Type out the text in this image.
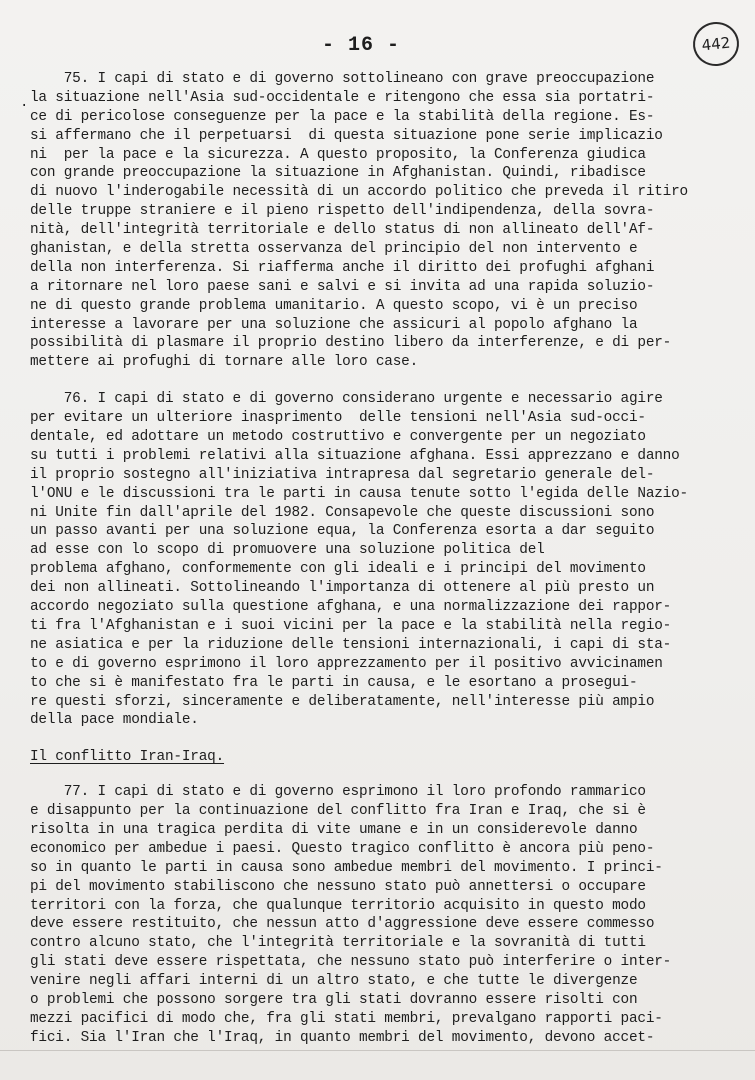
- 16 -	442
·
75. I capi di stato e di governo sottolineano con grave preoccupazione
la situazione nell'Asia sud-occidentale e ritengono che essa sia portatri-
ce di pericolose conseguenze per la pace e la stabilità della regione. Es-
si affermano che il perpetuarsi  di questa situazione pone serie implicazio
ni  per la pace e la sicurezza. A questo proposito, la Conferenza giudica
con grande preoccupazione la situazione in Afghanistan. Quindi, ribadisce
di nuovo l'inderogabile necessità di un accordo politico che preveda il ritiro
delle truppe straniere e il pieno rispetto dell'indipendenza, della sovra-
nità, dell'integrità territoriale e dello status di non allineato dell'Af-
ghanistan, e della stretta osservanza del principio del non intervento e
della non interferenza. Si riafferma anche il diritto dei profughi afghani
a ritornare nel loro paese sani e salvi e si invita ad una rapida soluzio-
ne di questo grande problema umanitario. A questo scopo, vi è un preciso
interesse a lavorare per una soluzione che assicuri al popolo afghano la
possibilità di plasmare il proprio destino libero da interferenze, e di per-
mettere ai profughi di tornare alle loro case.
76. I capi di stato e di governo considerano urgente e necessario agire
per evitare un ulteriore inasprimento  delle tensioni nell'Asia sud-occi-
dentale, ed adottare un metodo costruttivo e convergente per un negoziato
su tutti i problemi relativi alla situazione afghana. Essi apprezzano e danno
il proprio sostegno all'iniziativa intrapresa dal segretario generale del-
l'ONU e le discussioni tra le parti in causa tenute sotto l'egida delle Nazio-
ni Unite fin dall'aprile del 1982. Consapevole che queste discussioni sono
un passo avanti per una soluzione equa, la Conferenza esorta a dar seguito
ad esse con lo scopo di promuovere una soluzione politica del
problema afghano, conformemente con gli ideali e i principi del movimento
dei non allineati. Sottolineando l'importanza di ottenere al più presto un
accordo negoziato sulla questione afghana, e una normalizzazione dei rappor-
ti fra l'Afghanistan e i suoi vicini per la pace e la stabilità nella regio-
ne asiatica e per la riduzione delle tensioni internazionali, i capi di sta-
to e di governo esprimono il loro apprezzamento per il positivo avvicinamen
to che si è manifestato fra le parti in causa, e le esortano a prosegui-
re questi sforzi, sinceramente e deliberatamente, nell'interesse più ampio
della pace mondiale.
Il conflitto Iran-Iraq.
77. I capi di stato e di governo esprimono il loro profondo rammarico
e disappunto per la continuazione del conflitto fra Iran e Iraq, che si è
risolta in una tragica perdita di vite umane e in un considerevole danno
economico per ambedue i paesi. Questo tragico conflitto è ancora più peno-
so in quanto le parti in causa sono ambedue membri del movimento. I princi-
pi del movimento stabiliscono che nessuno stato può annettersi o occupare
territori con la forza, che qualunque territorio acquisito in questo modo
deve essere restituito, che nessun atto d'aggressione deve essere commesso
contro alcuno stato, che l'integrità territoriale e la sovranità di tutti
gli stati deve essere rispettata, che nessuno stato può interferire o inter-
venire negli affari interni di un altro stato, e che tutte le divergenze
o problemi che possono sorgere tra gli stati dovranno essere risolti con
mezzi pacifici di modo che, fra gli stati membri, prevalgano rapporti paci-
fici. Sia l'Iran che l'Iraq, in quanto membri del movimento, devono accet-
